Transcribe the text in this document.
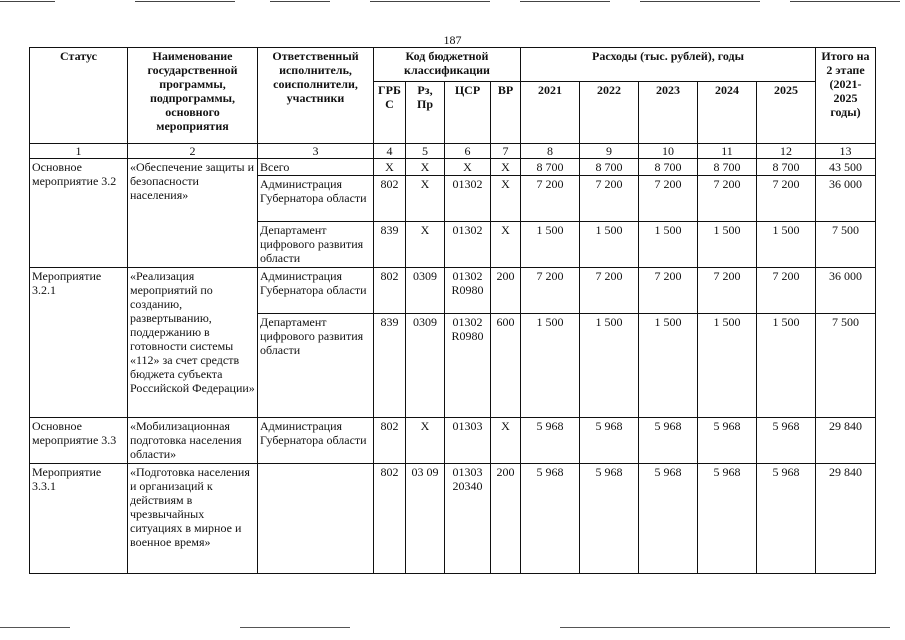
187
Статус	Наименование государственной программы, подпрограммы, основного мероприятия	Ответственный исполнитель, соисполнители, участники	Код бюджетной классификации				Расходы (тыс. рублей), годы					Итого на 2 этапе (2021-2025 годы)
			ГРБ С	Рз, Пр	ЦСР	ВР	2021	2022	2023	2024	2025	
1	2	3	4	5	6	7	8	9	10	11	12	13
Основное мероприятие 3.2	«Обеспечение защиты и безопасности населения»	Всего	X	X	X	X	8 700	8 700	8 700	8 700	8 700	43 500
		Администрация Губернатора области	802	X	01302	X	7 200	7 200	7 200	7 200	7 200	36 000
		Департамент цифрового развития области	839	X	01302	X	1 500	1 500	1 500	1 500	1 500	7 500
Мероприятие 3.2.1	«Реализация мероприятий по созданию, развертыванию, поддержанию в готовности системы «112» за счет средств бюджета субъекта Российской Федерации»	Администрация Губернатора области	802	0309	01302 R0980	200	7 200	7 200	7 200	7 200	7 200	36 000
		Департамент цифрового развития области	839	0309	01302 R0980	600	1 500	1 500	1 500	1 500	1 500	7 500
Основное мероприятие 3.3	«Мобилизационная подготовка населения области»	Администрация Губернатора области	802	X	01303	X	5 968	5 968	5 968	5 968	5 968	29 840
Мероприятие 3.3.1	«Подготовка населения и организаций к действиям в чрезвычайных ситуациях в мирное и военное время»		802	03 09	01303 20340	200	5 968	5 968	5 968	5 968	5 968	29 840
